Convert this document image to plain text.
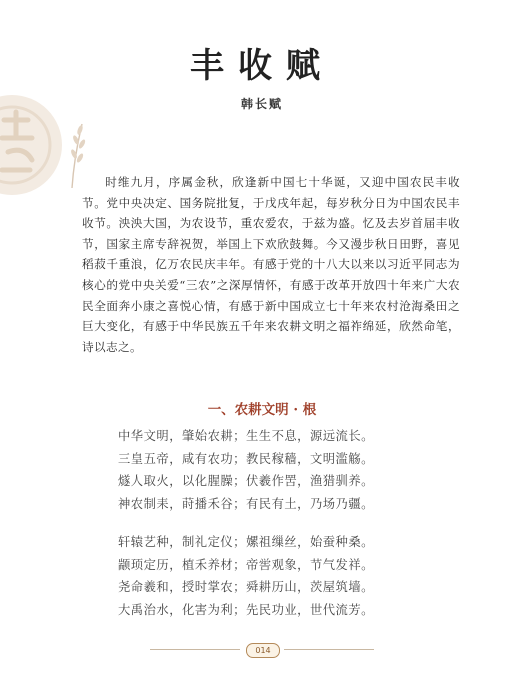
丰收赋
韩长赋

时维九月，序属金秋，欣逢新中国七十华诞，又迎中国农民丰收节。党中央决定、国务院批复，于戊戌年起，每岁秋分日为中国农民丰收节。泱泱大国，为农设节，重农爱农，于兹为盛。忆及去岁首届丰收节，国家主席专辞祝贺，举国上下欢欣鼓舞。今又漫步秋日田野，喜见稻菽千重浪，亿万农民庆丰年。有感于党的十八大以来以习近平同志为核心的党中央关爱“三农”之深厚情怀，有感于改革开放四十年来广大农民全面奔小康之喜悦心情，有感于新中国成立七十年来农村沧海桑田之巨大变化，有感于中华民族五千年来农耕文明之福祚绵延，欣然命笔，诗以志之。

一、农耕文明 · 根
中华文明，肇始农耕；生生不息，源远流长。
三皇五帝，咸有农功；教民稼穑，文明滥觞。
燧人取火，以化腥臊；伏羲作罟，渔猎驯养。
神农制耒，莳播禾谷；有民有土，乃场乃疆。
轩辕艺种，制礼定仪；嫘祖缫丝，始蚕种桑。
颛顼定历，植禾养材；帝喾观象，节气发祥。
尧命羲和，授时掌农；舜耕历山，茨屋筑墙。
大禹治水，化害为利；先民功业，世代流芳。
014
